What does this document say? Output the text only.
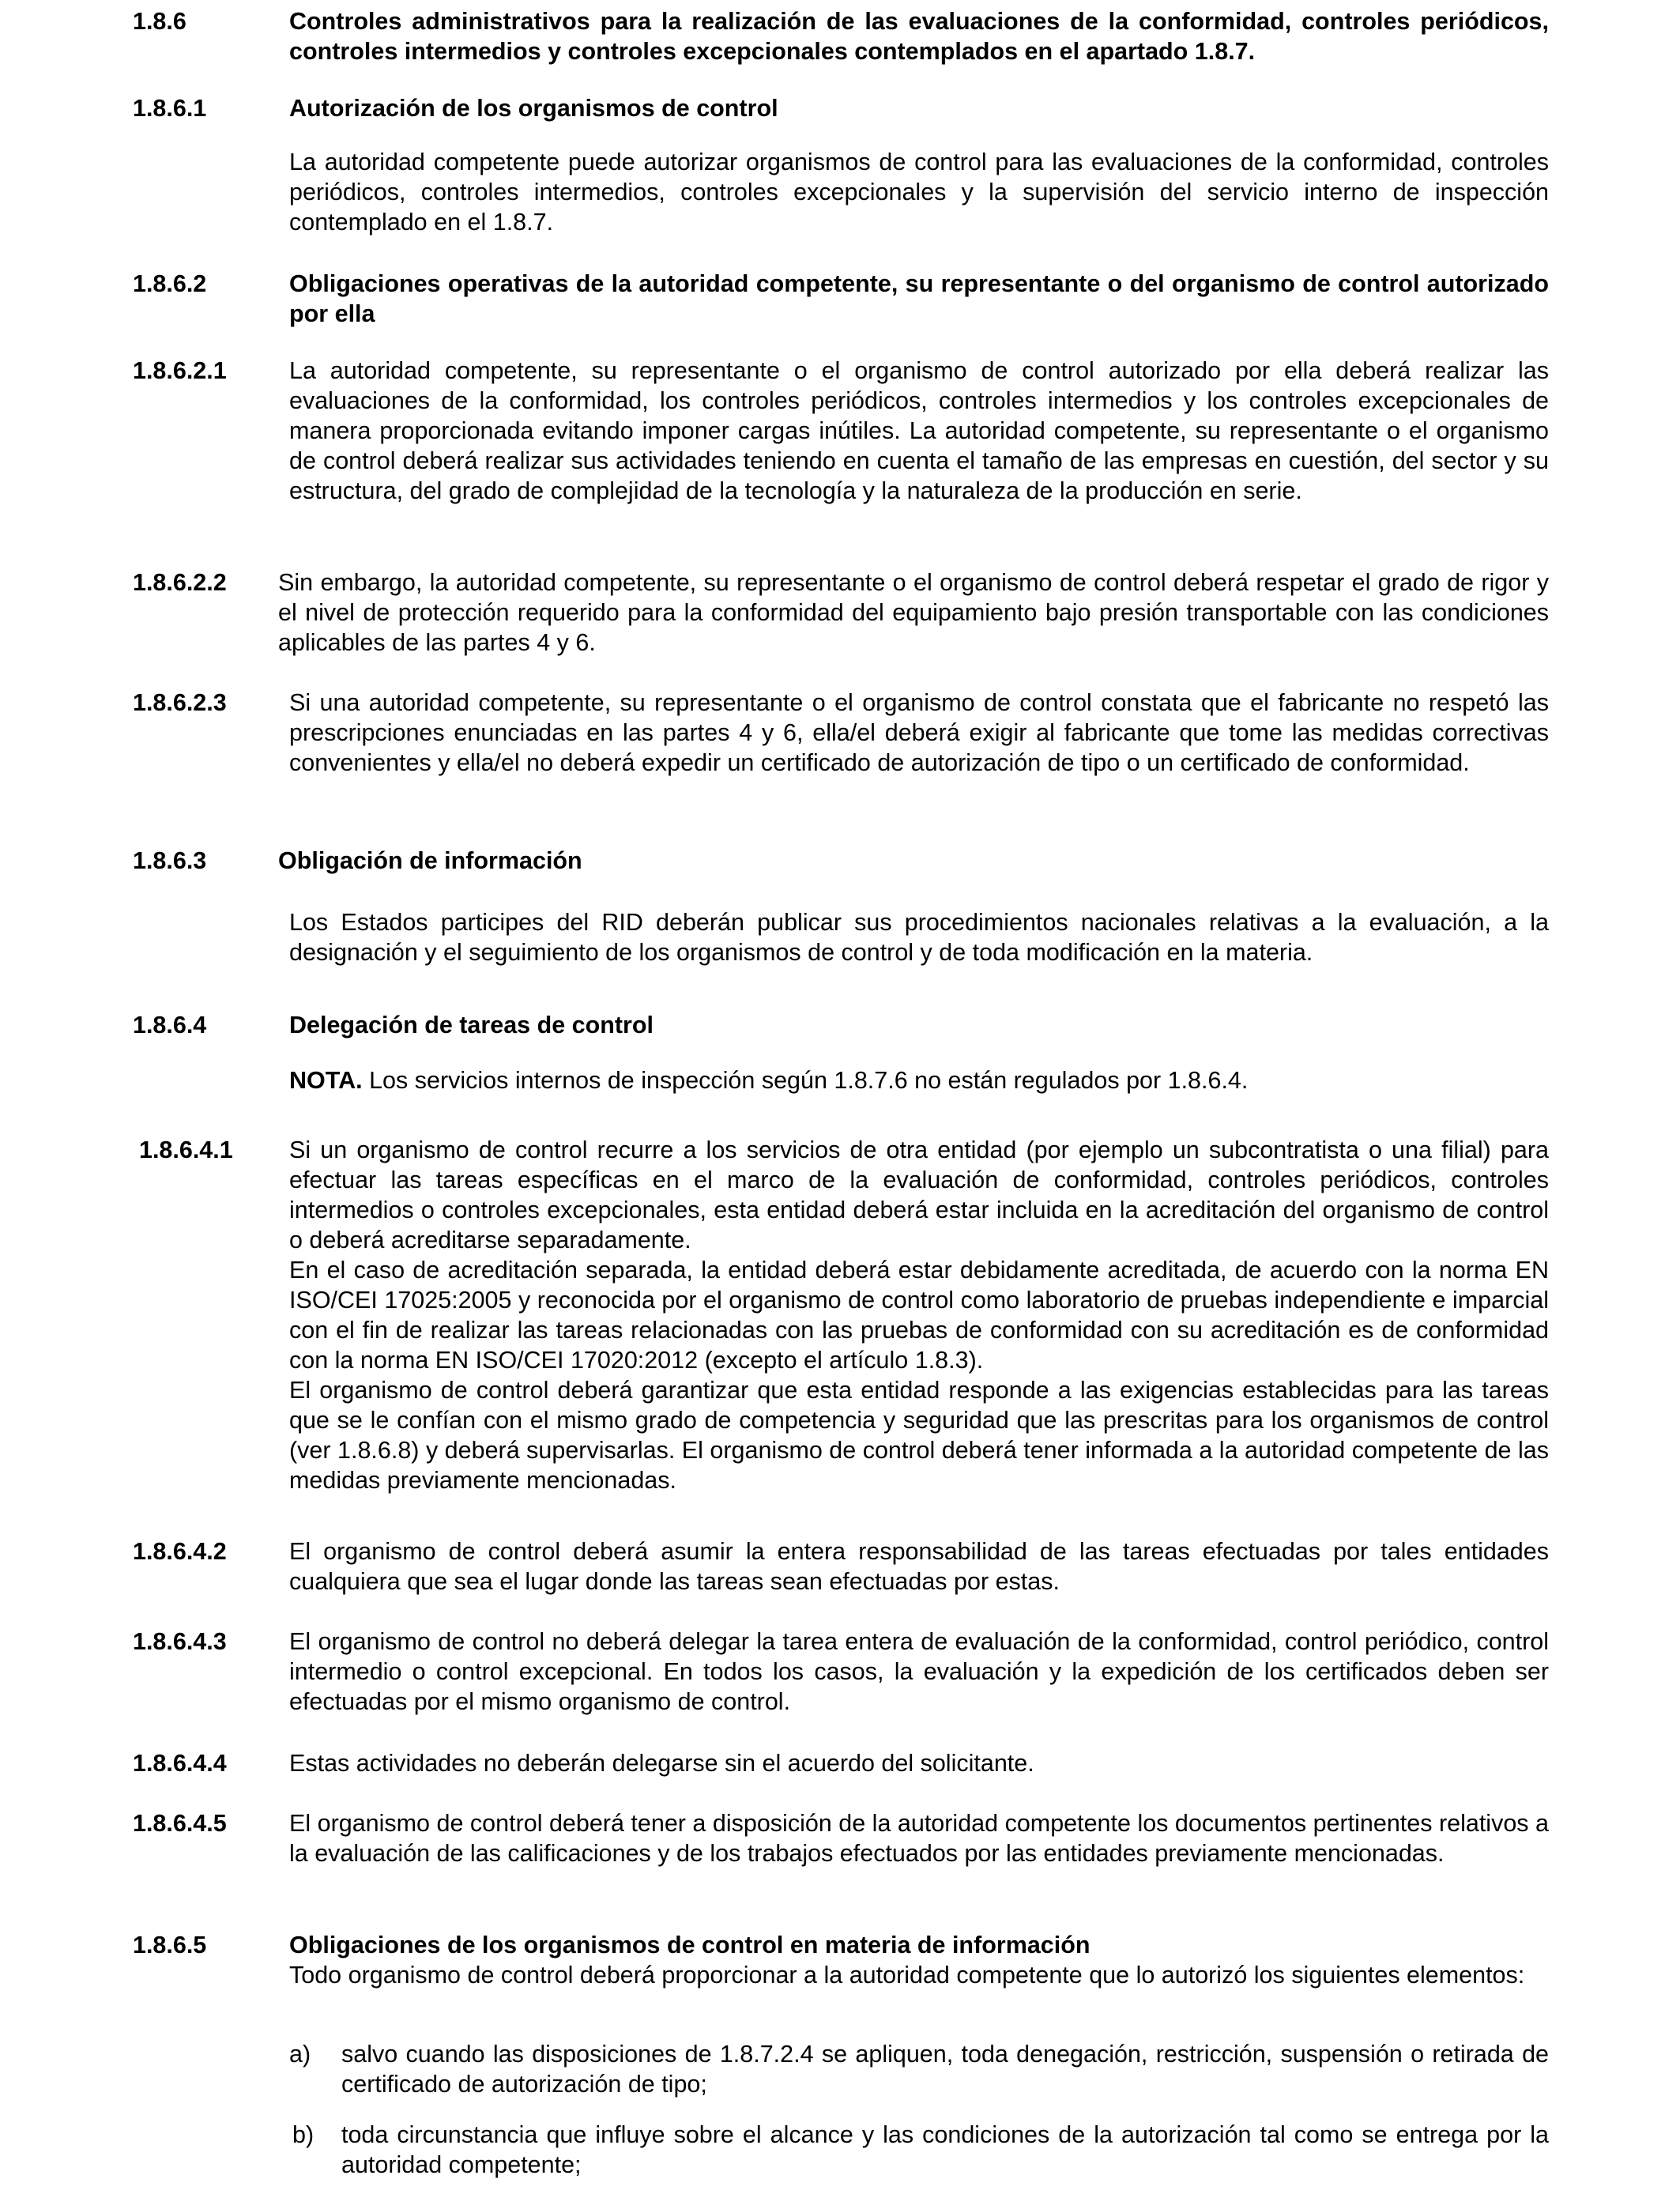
1.8.6	Controles administrativos para la realización de las evaluaciones de la conformidad, controles periódicos, controles intermedios y controles excepcionales contemplados en el apartado 1.8.7.
1.8.6.1	Autorización de los organismos de control
La autoridad competente puede autorizar organismos de control para las evaluaciones de la conformidad, controles periódicos, controles intermedios, controles excepcionales y la supervisión del servicio interno de inspección contemplado en el 1.8.7.
1.8.6.2	Obligaciones operativas de la autoridad competente, su representante o del organismo de control autorizado por ella
1.8.6.2.1	La autoridad competente, su representante o el organismo de control autorizado por ella deberá realizar las evaluaciones de la conformidad, los controles periódicos, controles intermedios y los controles excepcionales de manera proporcionada evitando imponer cargas inútiles. La autoridad competente, su representante o el organismo de control deberá realizar sus actividades teniendo en cuenta el tamaño de las empresas en cuestión, del sector y su estructura, del grado de complejidad de la tecnología y la naturaleza de la producción en serie.
1.8.6.2.2 Sin embargo, la autoridad competente, su representante o el organismo de control deberá respetar el grado de rigor y el nivel de protección requerido para la conformidad del equipamiento bajo presión transportable con las condiciones aplicables de las partes 4 y 6.
1.8.6.2.3	Si una autoridad competente, su representante o el organismo de control constata que el fabricante no respetó las prescripciones enunciadas en las partes 4 y 6, ella/el deberá exigir al fabricante que tome las medidas correctivas convenientes y ella/el no deberá expedir un certificado de autorización de tipo o un certificado de conformidad.
1.8.6.3	Obligación de información
Los Estados participes del RID deberán publicar sus procedimientos nacionales relativas a la evaluación, a la designación y el seguimiento de los organismos de control y de toda modificación en la materia.
1.8.6.4	Delegación de tareas de control
NOTA. Los servicios internos de inspección según 1.8.7.6 no están regulados por 1.8.6.4.
1.8.6.4.1 Si un organismo de control recurre a los servicios de otra entidad (por ejemplo un subcontratista o una filial) para efectuar las tareas específicas en el marco de la evaluación de conformidad, controles periódicos, controles intermedios o controles excepcionales, esta entidad deberá estar incluida en la acreditación del organismo de control o deberá acreditarse separadamente.
En el caso de acreditación separada, la entidad deberá estar debidamente acreditada, de acuerdo con la norma EN ISO/CEI 17025:2005 y reconocida por el organismo de control como laboratorio de pruebas independiente e imparcial con el fin de realizar las tareas relacionadas con las pruebas de conformidad con su acreditación es de conformidad con la norma EN ISO/CEI 17020:2012 (excepto el artículo 1.8.3).
El organismo de control deberá garantizar que esta entidad responde a las exigencias establecidas para las tareas que se le confían con el mismo grado de competencia y seguridad que las prescritas para los organismos de control (ver 1.8.6.8) y deberá supervisarlas. El organismo de control deberá tener informada a la autoridad competente de las medidas previamente mencionadas.
1.8.6.4.2	El organismo de control deberá asumir la entera responsabilidad de las tareas efectuadas por tales entidades cualquiera que sea el lugar donde las tareas sean efectuadas por estas.
1.8.6.4.3	El organismo de control no deberá delegar la tarea entera de evaluación de la conformidad, control periódico, control intermedio o control excepcional. En todos los casos, la evaluación y la expedición de los certificados deben ser efectuadas por el mismo organismo de control.
1.8.6.4.4	Estas actividades no deberán delegarse sin el acuerdo del solicitante.
1.8.6.4.5	El organismo de control deberá tener a disposición de la autoridad competente los documentos pertinentes relativos a la evaluación de las calificaciones y de los trabajos efectuados por las entidades previamente mencionadas.
1.8.6.5	Obligaciones de los organismos de control en materia de información
Todo organismo de control deberá proporcionar a la autoridad competente que lo autorizó los siguientes elementos:
a) salvo cuando las disposiciones de 1.8.7.2.4 se apliquen, toda denegación, restricción, suspensión o retirada de certificado de autorización de tipo;
b) toda circunstancia que influye sobre el alcance y las condiciones de la autorización tal como se entrega por la autoridad competente;
